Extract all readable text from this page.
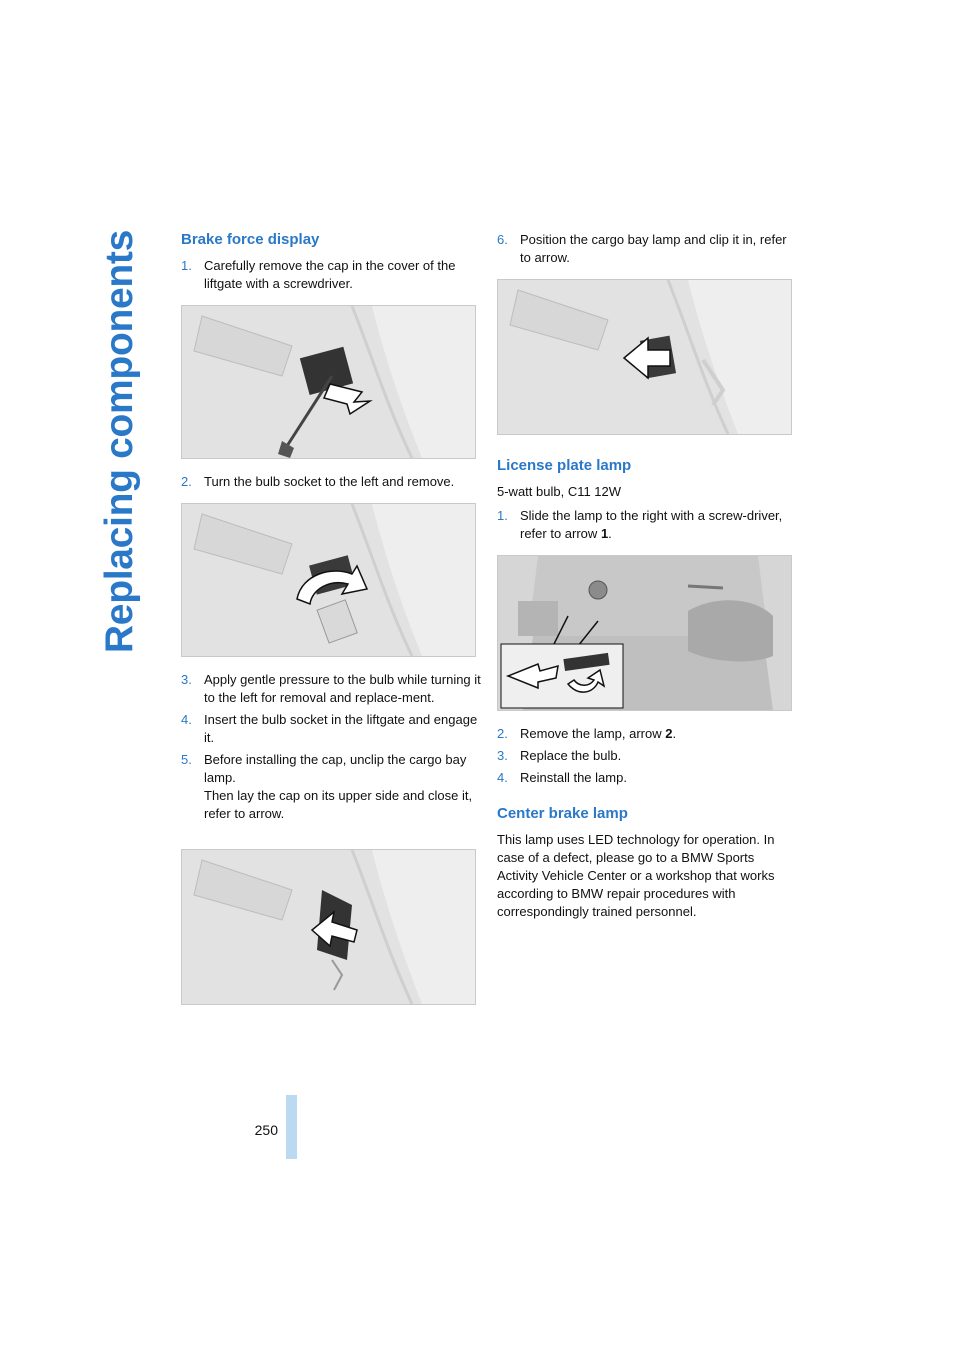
Replacing components
250
Brake force display
1. Carefully remove the cap in the cover of the liftgate with a screwdriver.
2. Turn the bulb socket to the left and remove.
3. Apply gentle pressure to the bulb while turning it to the left for removal and replace-ment.
4. Insert the bulb socket in the liftgate and engage it.
5. Before installing the cap, unclip the cargo bay lamp.
Then lay the cap on its upper side and close it, refer to arrow.
6. Position the cargo bay lamp and clip it in, refer to arrow.
License plate lamp

5-watt bulb, C11 12W

1. Slide the lamp to the right with a screw-driver, refer to arrow 1.
2. Remove the lamp, arrow 2.
3. Replace the bulb.
4. Reinstall the lamp.
Center brake lamp

This lamp uses LED technology for operation. In case of a defect, please go to a BMW Sports Activity Vehicle Center or a workshop that works according to BMW repair procedures with correspondingly trained personnel.
